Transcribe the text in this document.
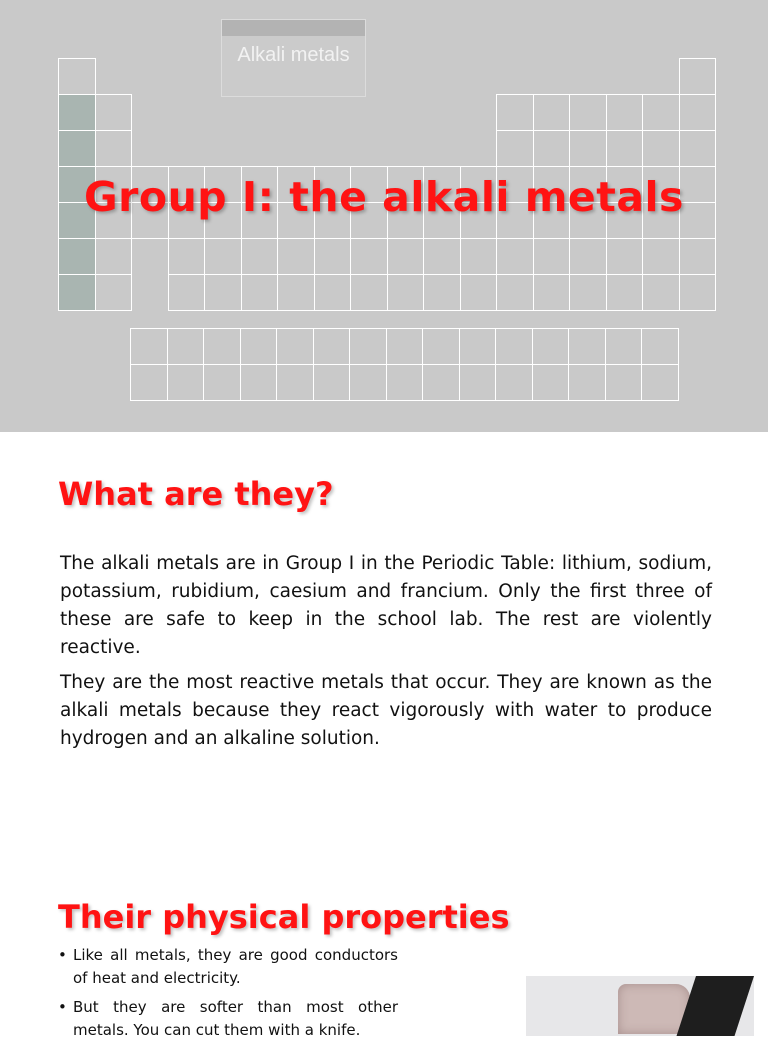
Alkali metals
Group I: the alkali metals
What are they?

The alkali metals are in Group I in the Periodic Table: lithium, sodium, potassium, rubidium, caesium and francium. Only the first three of these are safe to keep in the school lab. The rest are violently reactive.

They are the most reactive metals that occur. They are known as the alkali metals because they react vigorously with water to produce hydrogen and an alkaline solution.

Their physical properties
• Like all metals, they are good conductors of heat and electricity.
• But they are softer than most other metals. You can cut them with a knife.
